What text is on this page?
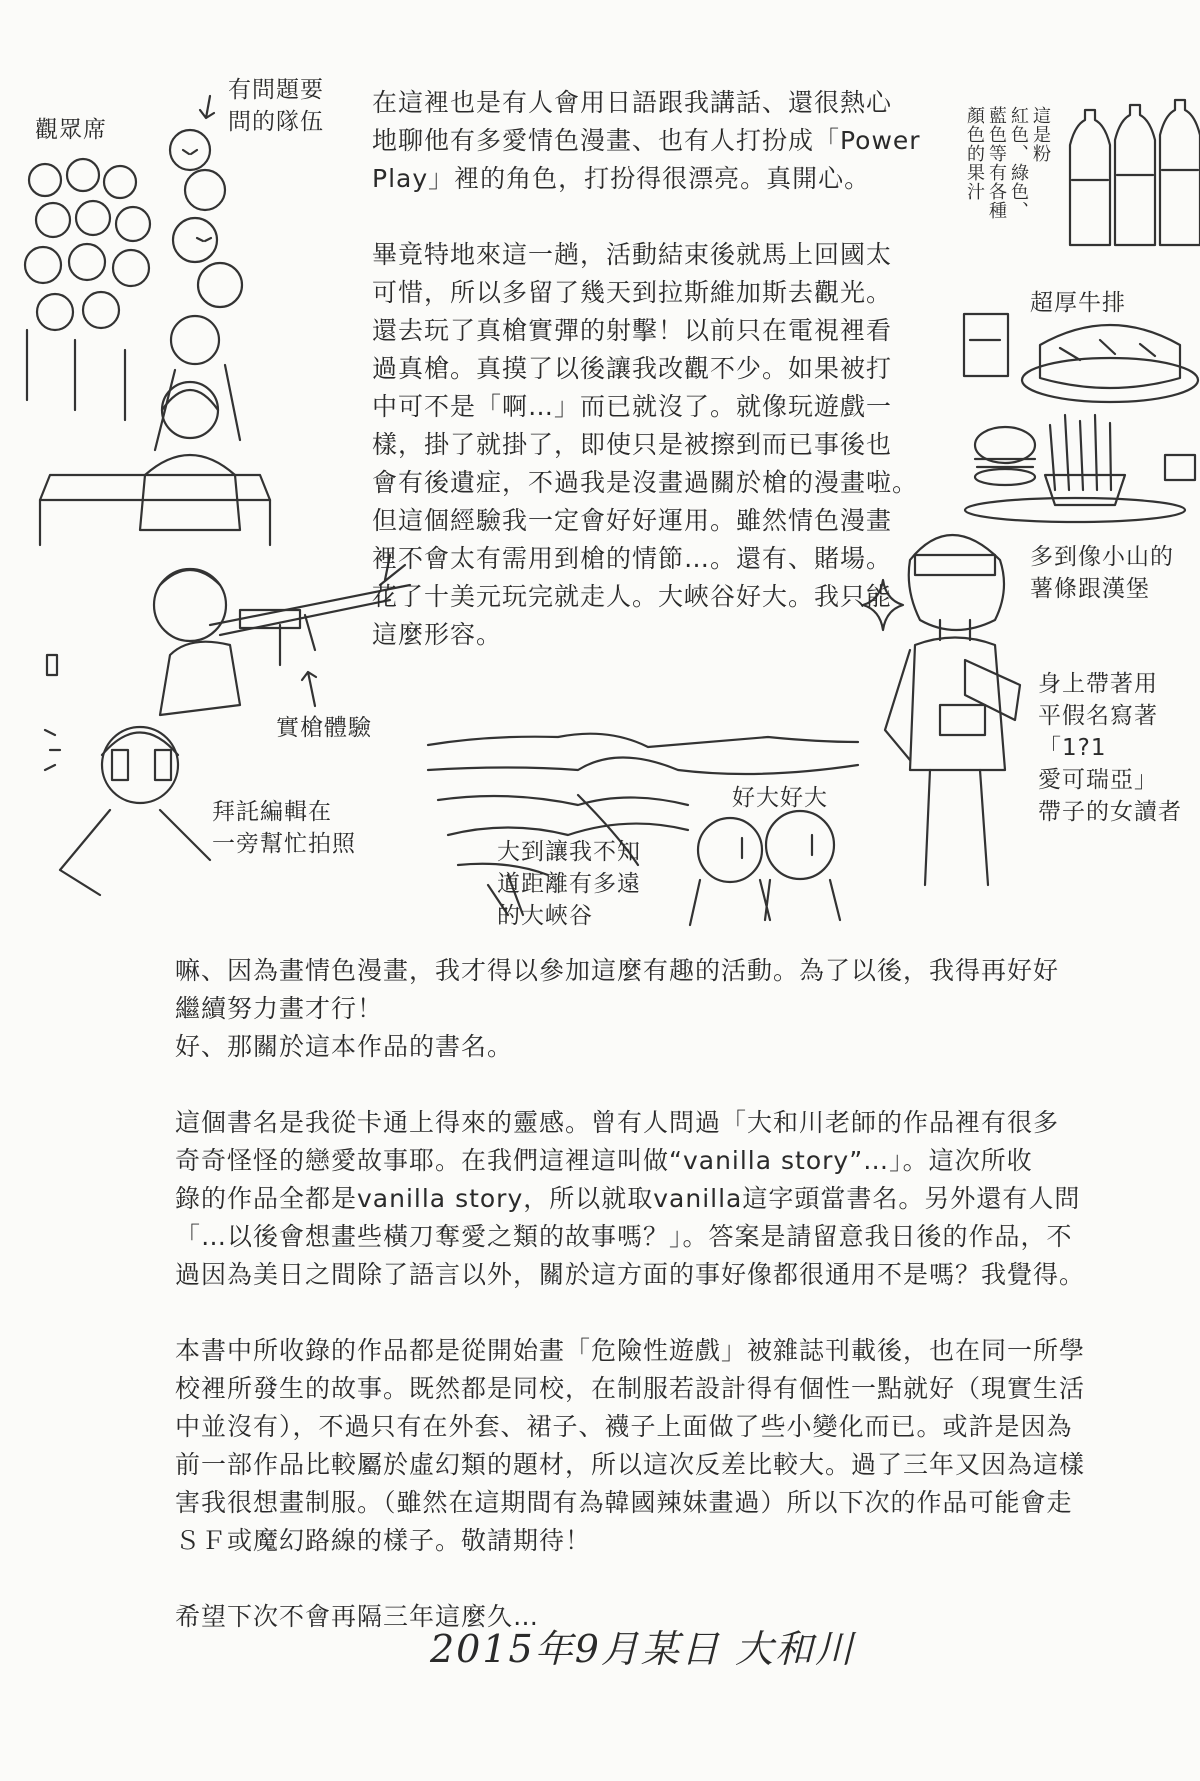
觀眾席
有問題要
問的隊伍	這是粉
紅色、綠色、
藍色等有各種
顏色的果汁
超厚牛排
多到像小山的
薯條跟漢堡
身上帶著用
平假名寫著
「1?1
愛可瑞亞」
帶子的女讀者
實槍體驗
拜託編輯在
一旁幫忙拍照	大到讓我不知
道距離有多遠
的大峽谷
好大好大
在這裡也是有人會用日語跟我講話、還很熱心
地聊他有多愛情色漫畫、也有人打扮成「Power
Play」裡的角色，打扮得很漂亮。真開心。
畢竟特地來這一趟，活動結束後就馬上回國太
可惜，所以多留了幾天到拉斯維加斯去觀光。
還去玩了真槍實彈的射擊！以前只在電視裡看
過真槍。真摸了以後讓我改觀不少。如果被打
中可不是「啊…」而已就沒了。就像玩遊戲一
樣，掛了就掛了，即使只是被擦到而已事後也
會有後遺症，不過我是沒畫過關於槍的漫畫啦。
但這個經驗我一定會好好運用。雖然情色漫畫
裡不會太有需用到槍的情節…。還有、賭場。
花了十美元玩完就走人。大峽谷好大。我只能
這麼形容。
嘛、因為畫情色漫畫，我才得以參加這麼有趣的活動。為了以後，我得再好好
繼續努力畫才行！
好、那關於這本作品的書名。
這個書名是我從卡通上得來的靈感。曾有人問過「大和川老師的作品裡有很多
奇奇怪怪的戀愛故事耶。在我們這裡這叫做“vanilla story”…」。這次所收
錄的作品全都是vanilla story，所以就取vanilla這字頭當書名。另外還有人問
「…以後會想畫些橫刀奪愛之類的故事嗎？」。答案是請留意我日後的作品，不
過因為美日之間除了語言以外，關於這方面的事好像都很通用不是嗎？我覺得。
本書中所收錄的作品都是從開始畫「危險性遊戲」被雜誌刊載後，也在同一所學
校裡所發生的故事。既然都是同校，在制服若設計得有個性一點就好（現實生活
中並沒有），不過只有在外套、裙子、襪子上面做了些小變化而已。或許是因為
前一部作品比較屬於虛幻類的題材，所以這次反差比較大。過了三年又因為這樣
害我很想畫制服。（雖然在這期間有為韓國辣妹畫過）所以下次的作品可能會走
ＳＦ或魔幻路線的樣子。敬請期待！
希望下次不會再隔三年這麼久…
2015年9月某日 大和川
